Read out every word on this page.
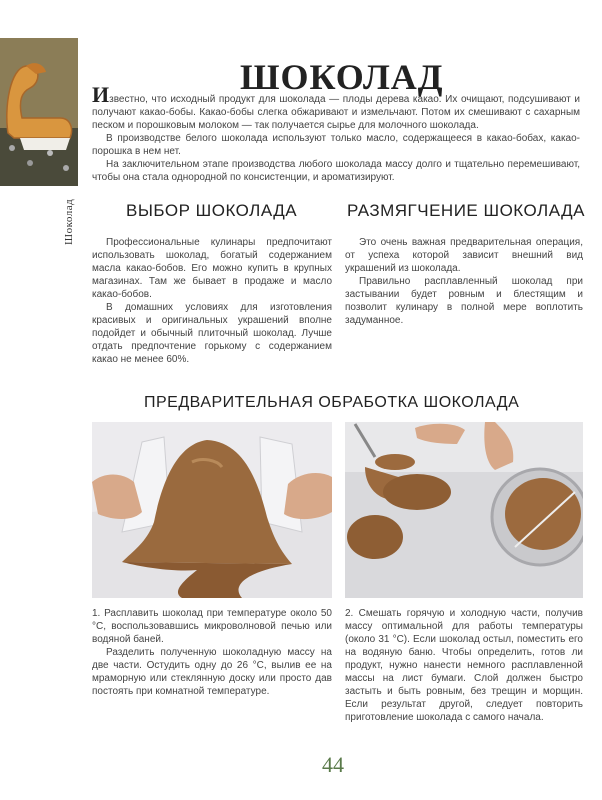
Шоколад
ШОКОЛАД

Известно, что исходный продукт для шоколада — плоды дерева какао. Их очищают, подсушивают и получают какао-бобы. Какао-бобы слегка обжаривают и измельчают. Потом их смешивают с сахарным песком и порошковым молоком — так получается сырье для молочного шоколада.

В производстве белого шоколада используют только масло, содержащееся в какао-бобах, какао-порошка в нем нет.

На заключительном этапе производства любого шоколада массу долго и тщательно перемешивают, чтобы она стала однородной по консистенции, и ароматизируют.

ВЫБОР ШОКОЛАДА	РАЗМЯГЧЕНИЕ ШОКОЛАДА

Профессиональные кулинары предпочитают использовать шоколад, богатый содержанием масла какао-бобов. Его можно купить в крупных магазинах. Там же бывает в продаже и масло какао-бобов.

В домашних условиях для изготовления красивых и оригинальных украшений вполне подойдет и обычный плиточный шоколад. Лучше отдать предпочтение горькому с содержанием какао не менее 60%.

Это очень важная предварительная операция, от успеха которой зависит внешний вид украшений из шоколада.

Правильно расплавленный шоколад при застывании будет ровным и блестящим и позволит кулинару в полной мере воплотить задуманное.

ПРЕДВАРИТЕЛЬНАЯ ОБРАБОТКА ШОКОЛАДА

1. Расплавить шоколад при температуре около 50 °С, воспользовавшись микроволновой печью или водяной баней.

Разделить полученную шоколадную массу на две части. Остудить одну до 26 °С, вылив ее на мраморную или стеклянную доску или просто дав постоять при комнатной температуре.

2. Смешать горячую и холодную части, получив массу оптимальной для работы температуры (около 31 °С). Если шоколад остыл, поместить его на водяную баню. Чтобы определить, готов ли продукт, нужно нанести немного расплавленной массы на лист бумаги. Слой должен быстро застыть и быть ровным, без трещин и морщин. Если результат другой, следует повторить приготовление шоколада с самого начала.

44
